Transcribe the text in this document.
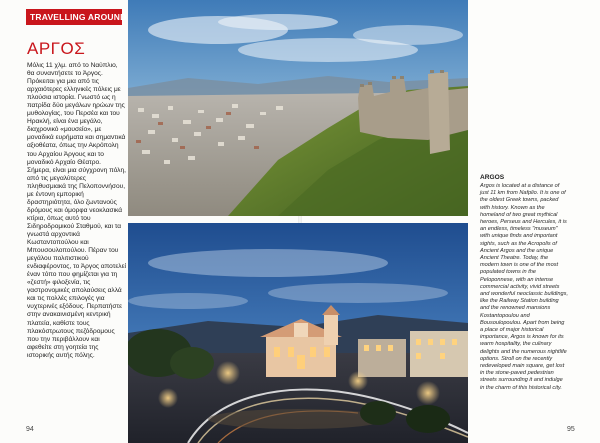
TRAVELLING AROUND
ΑΡΓΟΣ

Μόλις 11 χλμ. από το Ναύπλιο, θα συναντήσετε το Άργος. Πρόκειται για μια από τις αρχαιότερες ελληνικές πόλεις με πλούσια ιστορία. Γνωστό ως η πατρίδα δύο μεγάλων ηρώων της μυθολογίας, του Περσέα και του Ηρακλή, είναι ένα μεγάλο, διαχρονικό «μουσείο», με μοναδικά ευρήματα και σημαντικά αξιοθέατα, όπως την Ακρόπολη του Αρχαίου Άργους και το μοναδικό Αρχαίο Θέατρο. Σήμερα, είναι μια σύγχρονη πόλη, από τις μεγαλύτερες πληθυσμιακά της Πελοποννήσου, με έντονη εμπορική δραστηριότητα, όλο ζωντανούς δρόμους και όμορφα νεοκλασικά κτίρια, όπως αυτό του Σιδηροδρομικού Σταθμού, και τα γνωστά αρχοντικά Κωσταντοπούλου και Μπουσουλοπούλου. Πέραν του μεγάλου πολιτιστικού ενδιαφέροντος, το Άργος αποτελεί έναν τόπο που φημίζεται για τη «ζεστή» φιλοξενία, τις γαστρονομικές απολαύσεις αλλά και τις πολλές επιλογές για νυχτερινές εξόδους. Περπατήστε στην ανακαινισμένη κεντρική πλατεία, καθίστε τους πλακόστρωτους πεζόδρομους που την περιβάλλουν και αφεθείτε στη γοητεία της ιστορικής αυτής πόλης.

ARGOS
Argos is located at a distance of just 11 km from Nafplio. It is one of the oldest Greek towns, packed with history. Known as the homeland of two great mythical heroes, Perseus and Hercules, it is an endless, timeless "museum" with unique finds and important sights, such as the Acropolis of Ancient Argos and the unique Ancient Theatre. Today, the modern town is one of the most populated towns in the Peloponnese, with an intense commercial activity, vivid streets and wonderful neoclassic buildings, like the Railway Station building and the renowned mansions Kostantopoulou and Bousoulopoulou. Apart from being a place of major historical importance, Argos is known for its warm hospitality, the culinary delights and the numerous nightlife options. Stroll on the recently redeveloped main square, get lost in the stone-paved pedestrian streets surrounding it and indulge in the charm of this historical city.
94	95
